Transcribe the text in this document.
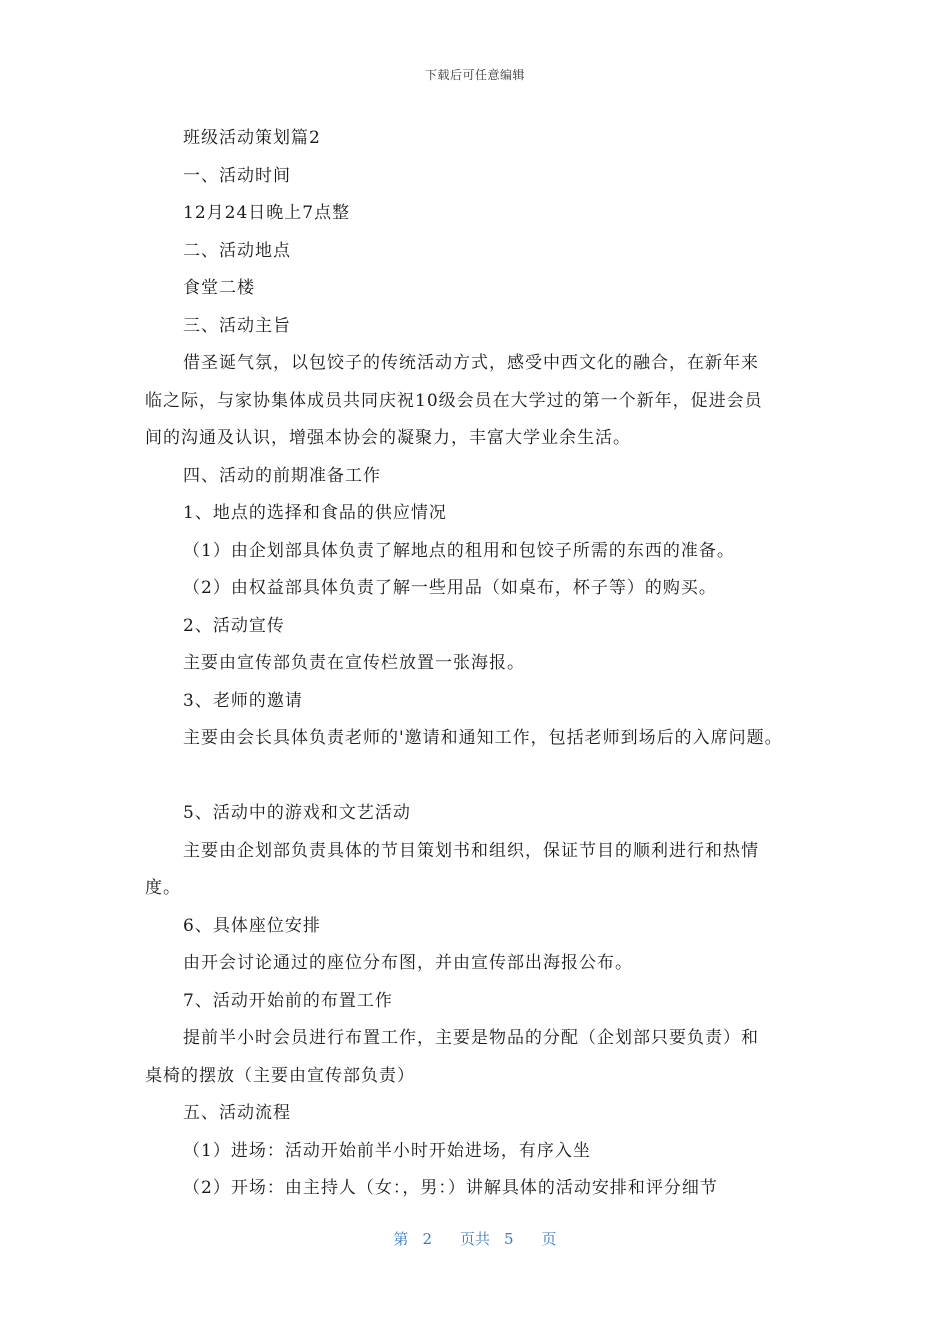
下载后可任意编辑
班级活动策划篇2
一、活动时间
12月24日晚上7点整
二、活动地点
食堂二楼
三、活动主旨
借圣诞气氛，以包饺子的传统活动方式，感受中西文化的融合，在新年来
临之际，与家协集体成员共同庆祝10级会员在大学过的第一个新年，促进会员
间的沟通及认识，增强本协会的凝聚力，丰富大学业余生活。
四、活动的前期准备工作
1、地点的选择和食品的供应情况
（1）由企划部具体负责了解地点的租用和包饺子所需的东西的准备。
（2）由权益部具体负责了解一些用品（如桌布，杯子等）的购买。
2、活动宣传
主要由宣传部负责在宣传栏放置一张海报。
3、老师的邀请
主要由会长具体负责老师的'邀请和通知工作，包括老师到场后的入席问题。
5、活动中的游戏和文艺活动
主要由企划部负责具体的节目策划书和组织，保证节目的顺利进行和热情
度。
6、具体座位安排
由开会讨论通过的座位分布图，并由宣传部出海报公布。
7、活动开始前的布置工作
提前半小时会员进行布置工作，主要是物品的分配（企划部只要负责）和
桌椅的摆放（主要由宣传部负责）
五、活动流程
（1）进场：活动开始前半小时开始进场，有序入坐
（2）开场：由主持人（女：，男：）讲解具体的活动安排和评分细节
第 2 页共 5 页
